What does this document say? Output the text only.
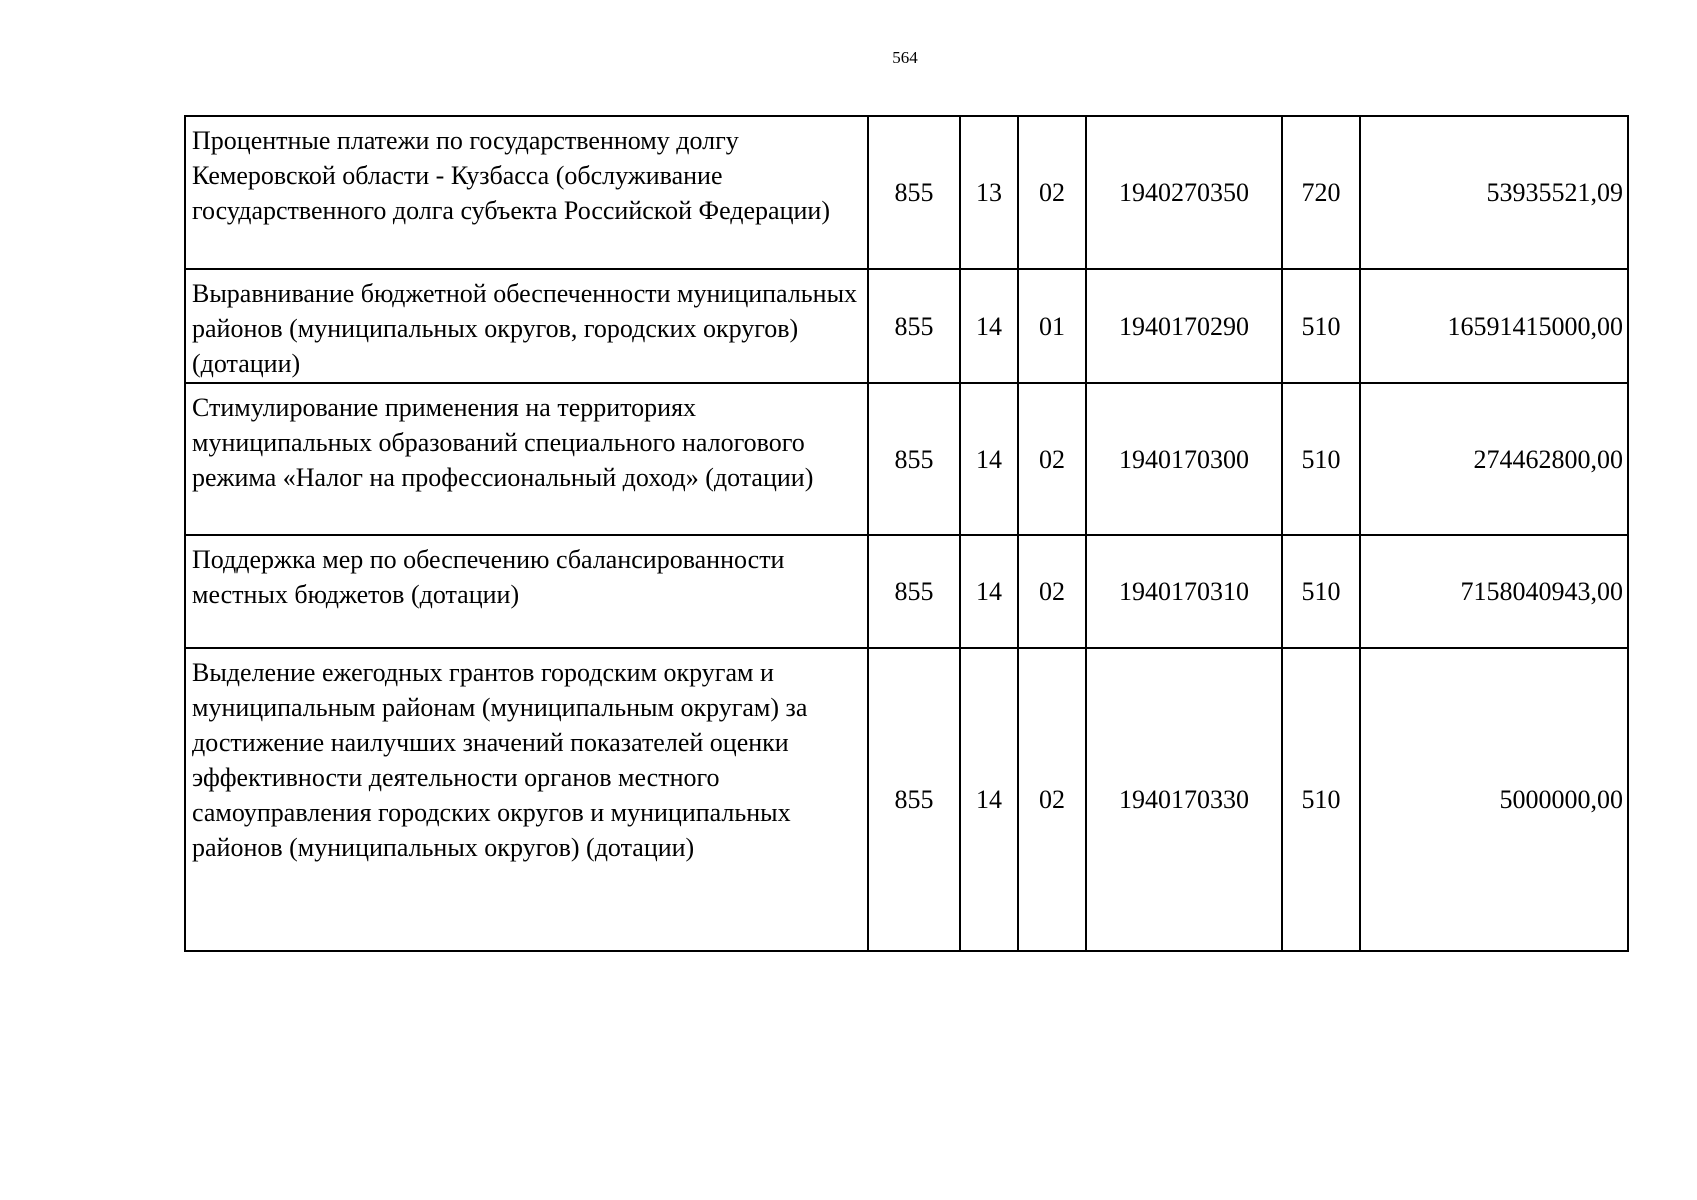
564
Процентные платежи по государственному долгу Кемеровской области - Кузбасса (обслуживание государственного долга субъекта Российской Федерации)	855	13	02	1940270350	720	53935521,09
Выравнивание бюджетной обеспеченности муниципальных районов (муниципальных округов, городских округов) (дотации)	855	14	01	1940170290	510	16591415000,00
Стимулирование применения на территориях муниципальных образований специального налогового режима «Налог на профессиональный доход» (дотации)	855	14	02	1940170300	510	274462800,00
Поддержка мер по обеспечению сбалансированности местных бюджетов (дотации)	855	14	02	1940170310	510	7158040943,00
Выделение ежегодных грантов городским округам и муниципальным районам (муниципальным округам) за достижение наилучших значений показателей оценки эффективности деятельности органов местного самоуправления городских округов и муниципальных районов (муниципальных округов) (дотации)	855	14	02	1940170330	510	5000000,00
